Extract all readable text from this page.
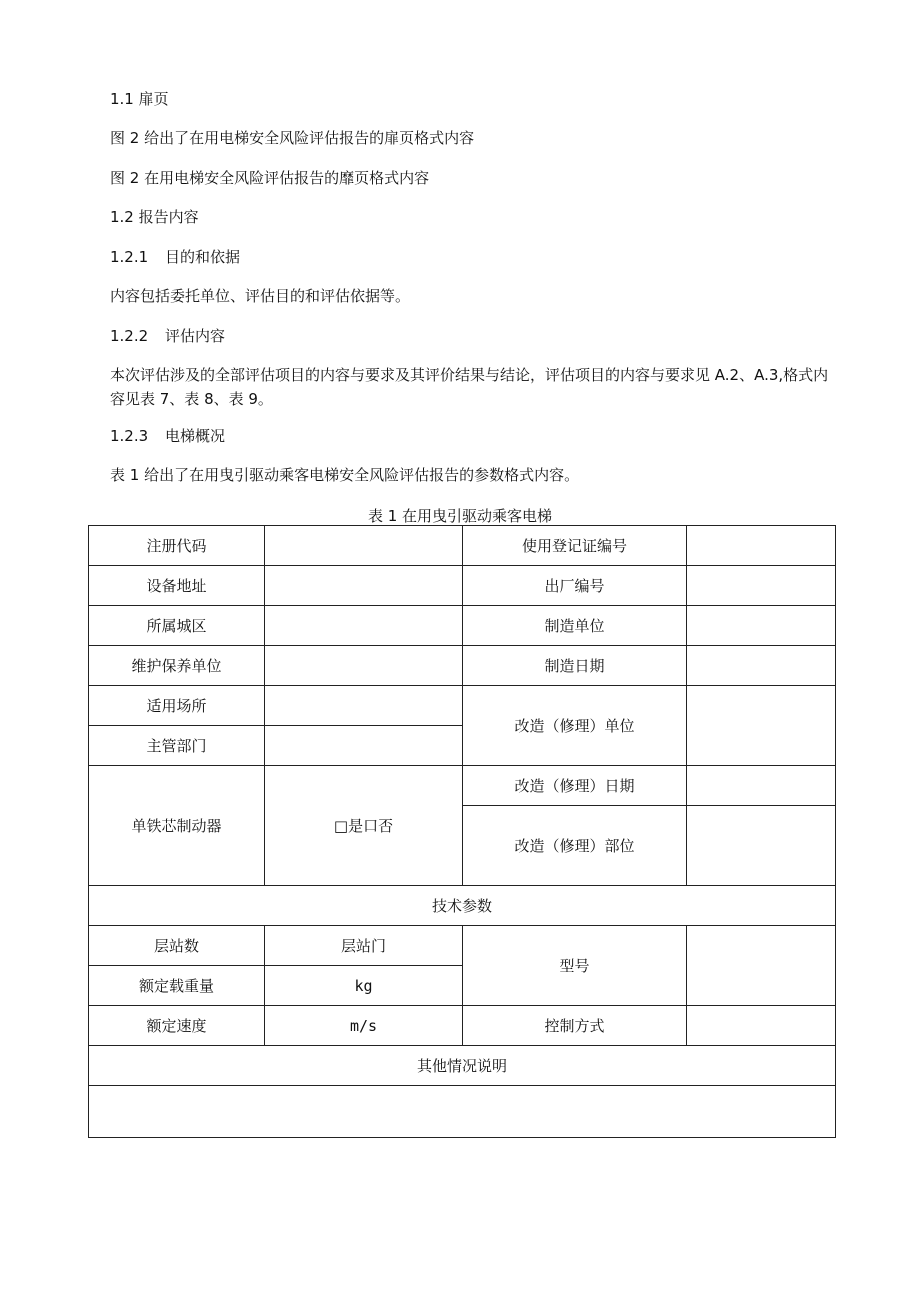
1.1 扉页
图 2 给出了在用电梯安全风险评估报告的扉页格式内容
图 2 在用电梯安全风险评估报告的靡页格式内容
1.2 报告内容
1.2.1 目的和依据
内容包括委托单位、评估目的和评估依据等。
1.2.2 评估内容
本次评估涉及的全部评估项目的内容与要求及其评价结果与结论，评估项目的内容与要求见 A.2、A.3,格式内容见表 7、表 8、表 9。
1.2.3 电梯概况
表 1 给出了在用曳引驱动乘客电梯安全风险评估报告的参数格式内容。
表 1 在用曳引驱动乘客电梯
注册代码		使用登记证编号	
设备地址		出厂编号	
所属城区		制造单位	
维护保养单位		制造日期	
适用场所		改造（修理）单位	
主管部门			
单铁芯制动器	□是口否	改造（修理）日期	
		改造（修理）部位	
技术参数			
层站数	层站门	型号	
额定载重量	kg		
额定速度	m/s	控制方式	
其他情况说明			
